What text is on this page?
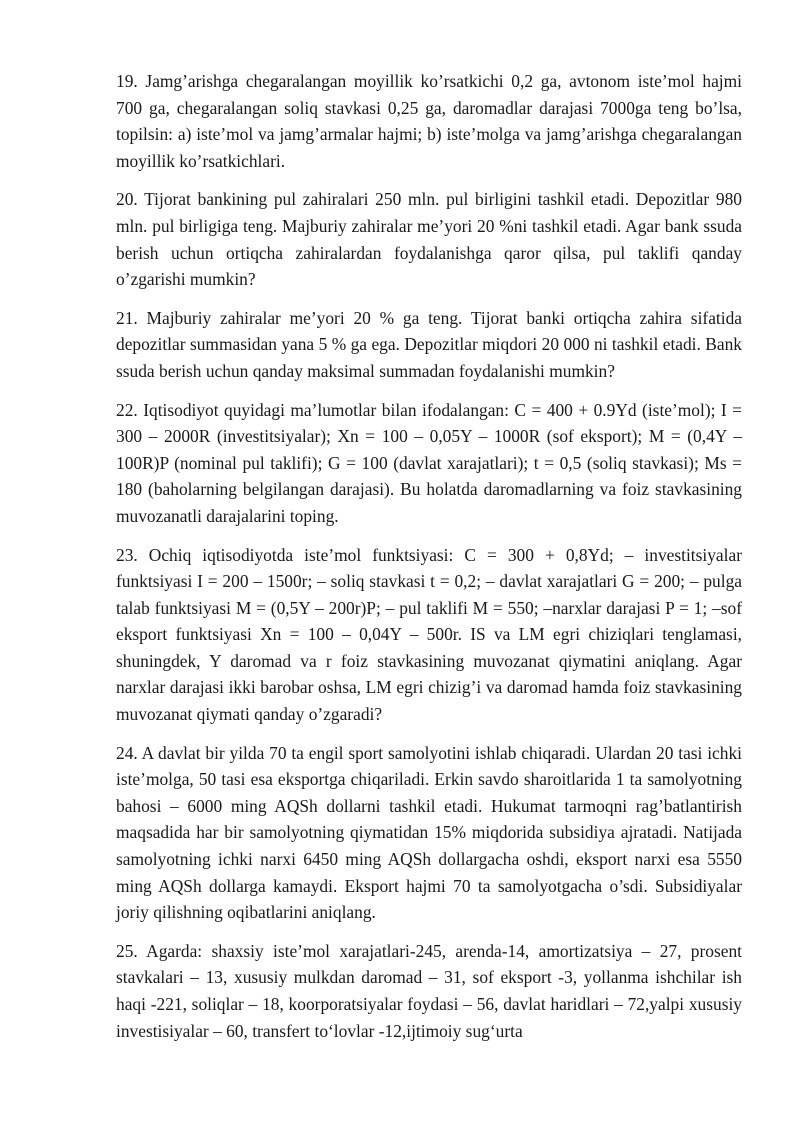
19. Jamg’arishga chegaralangan moyillik ko’rsatkichi 0,2 ga, avtonom iste’mol hajmi 700 ga, chegaralangan soliq stavkasi 0,25 ga, daromadlar darajasi 7000ga teng bo’lsa, topilsin: a) iste’mol va jamg’armalar hajmi; b) iste’molga va jamg’arishga chegaralangan moyillik ko’rsatkichlari.

20. Tijorat bankining pul zahiralari 250 mln. pul birligini tashkil etadi. Depozitlar 980 mln. pul birligiga teng. Majburiy zahiralar me’yori 20 %ni tashkil etadi. Agar bank ssuda berish uchun ortiqcha zahiralardan foydalanishga qaror qilsa, pul taklifi qanday o’zgarishi mumkin?

21. Majburiy zahiralar me’yori 20 % ga teng. Tijorat banki ortiqcha zahira sifatida depozitlar summasidan yana 5 % ga ega. Depozitlar miqdori 20 000 ni tashkil etadi. Bank ssuda berish uchun qanday maksimal summadan foydalanishi mumkin?

22. Iqtisodiyot quyidagi ma’lumotlar bilan ifodalangan: C = 400 + 0.9Yd (iste’mol); I = 300 – 2000R (investitsiyalar); Xn = 100 – 0,05Y – 1000R (sof eksport); M = (0,4Y – 100R)P (nominal pul taklifi); G = 100 (davlat xarajatlari); t = 0,5 (soliq stavkasi); Ms = 180 (baholarning belgilangan darajasi). Bu holatda daromadlarning va foiz stavkasining muvozanatli darajalarini toping.

23. Ochiq iqtisodiyotda iste’mol funktsiyasi: C = 300 + 0,8Yd; – investitsiyalar funktsiyasi I = 200 – 1500r; – soliq stavkasi t = 0,2; – davlat xarajatlari G = 200; – pulga talab funktsiyasi M = (0,5Y – 200r)P; – pul taklifi M = 550; –narxlar darajasi P = 1; –sof eksport funktsiyasi Xn = 100 – 0,04Y – 500r. IS va LM egri chiziqlari tenglamasi, shuningdek, Y daromad va r foiz stavkasining muvozanat qiymatini aniqlang. Agar narxlar darajasi ikki barobar oshsa, LM egri chizig’i va daromad hamda foiz stavkasining muvozanat qiymati qanday o’zgaradi?

24. A davlat bir yilda 70 ta engil sport samolyotini ishlab chiqaradi. Ulardan 20 tasi ichki iste’molga, 50 tasi esa eksportga chiqariladi. Erkin savdo sharoitlarida 1 ta samolyotning bahosi – 6000 ming AQSh dollarni tashkil etadi. Hukumat tarmoqni rag’batlantirish maqsadida har bir samolyotning qiymatidan 15% miqdorida subsidiya ajratadi. Natijada samolyotning ichki narxi 6450 ming AQSh dollargacha oshdi, eksport narxi esa 5550 ming AQSh dollarga kamaydi. Eksport hajmi 70 ta samolyotgacha o’sdi. Subsidiyalar joriy qilishning oqibatlarini aniqlang.

25. Agarda: shaxsiy iste’mol xarajatlari-245, arenda-14, amortizatsiya – 27, prosent stavkalari – 13, xususiy mulkdan daromad – 31, sof eksport -3, yollanma ishchilar ish haqi -221, soliqlar – 18, koorporatsiyalar foydasi – 56, davlat haridlari – 72,yalpi xususiy investisiyalar – 60, transfert to‘lovlar -12,ijtimoiy sug‘urta
